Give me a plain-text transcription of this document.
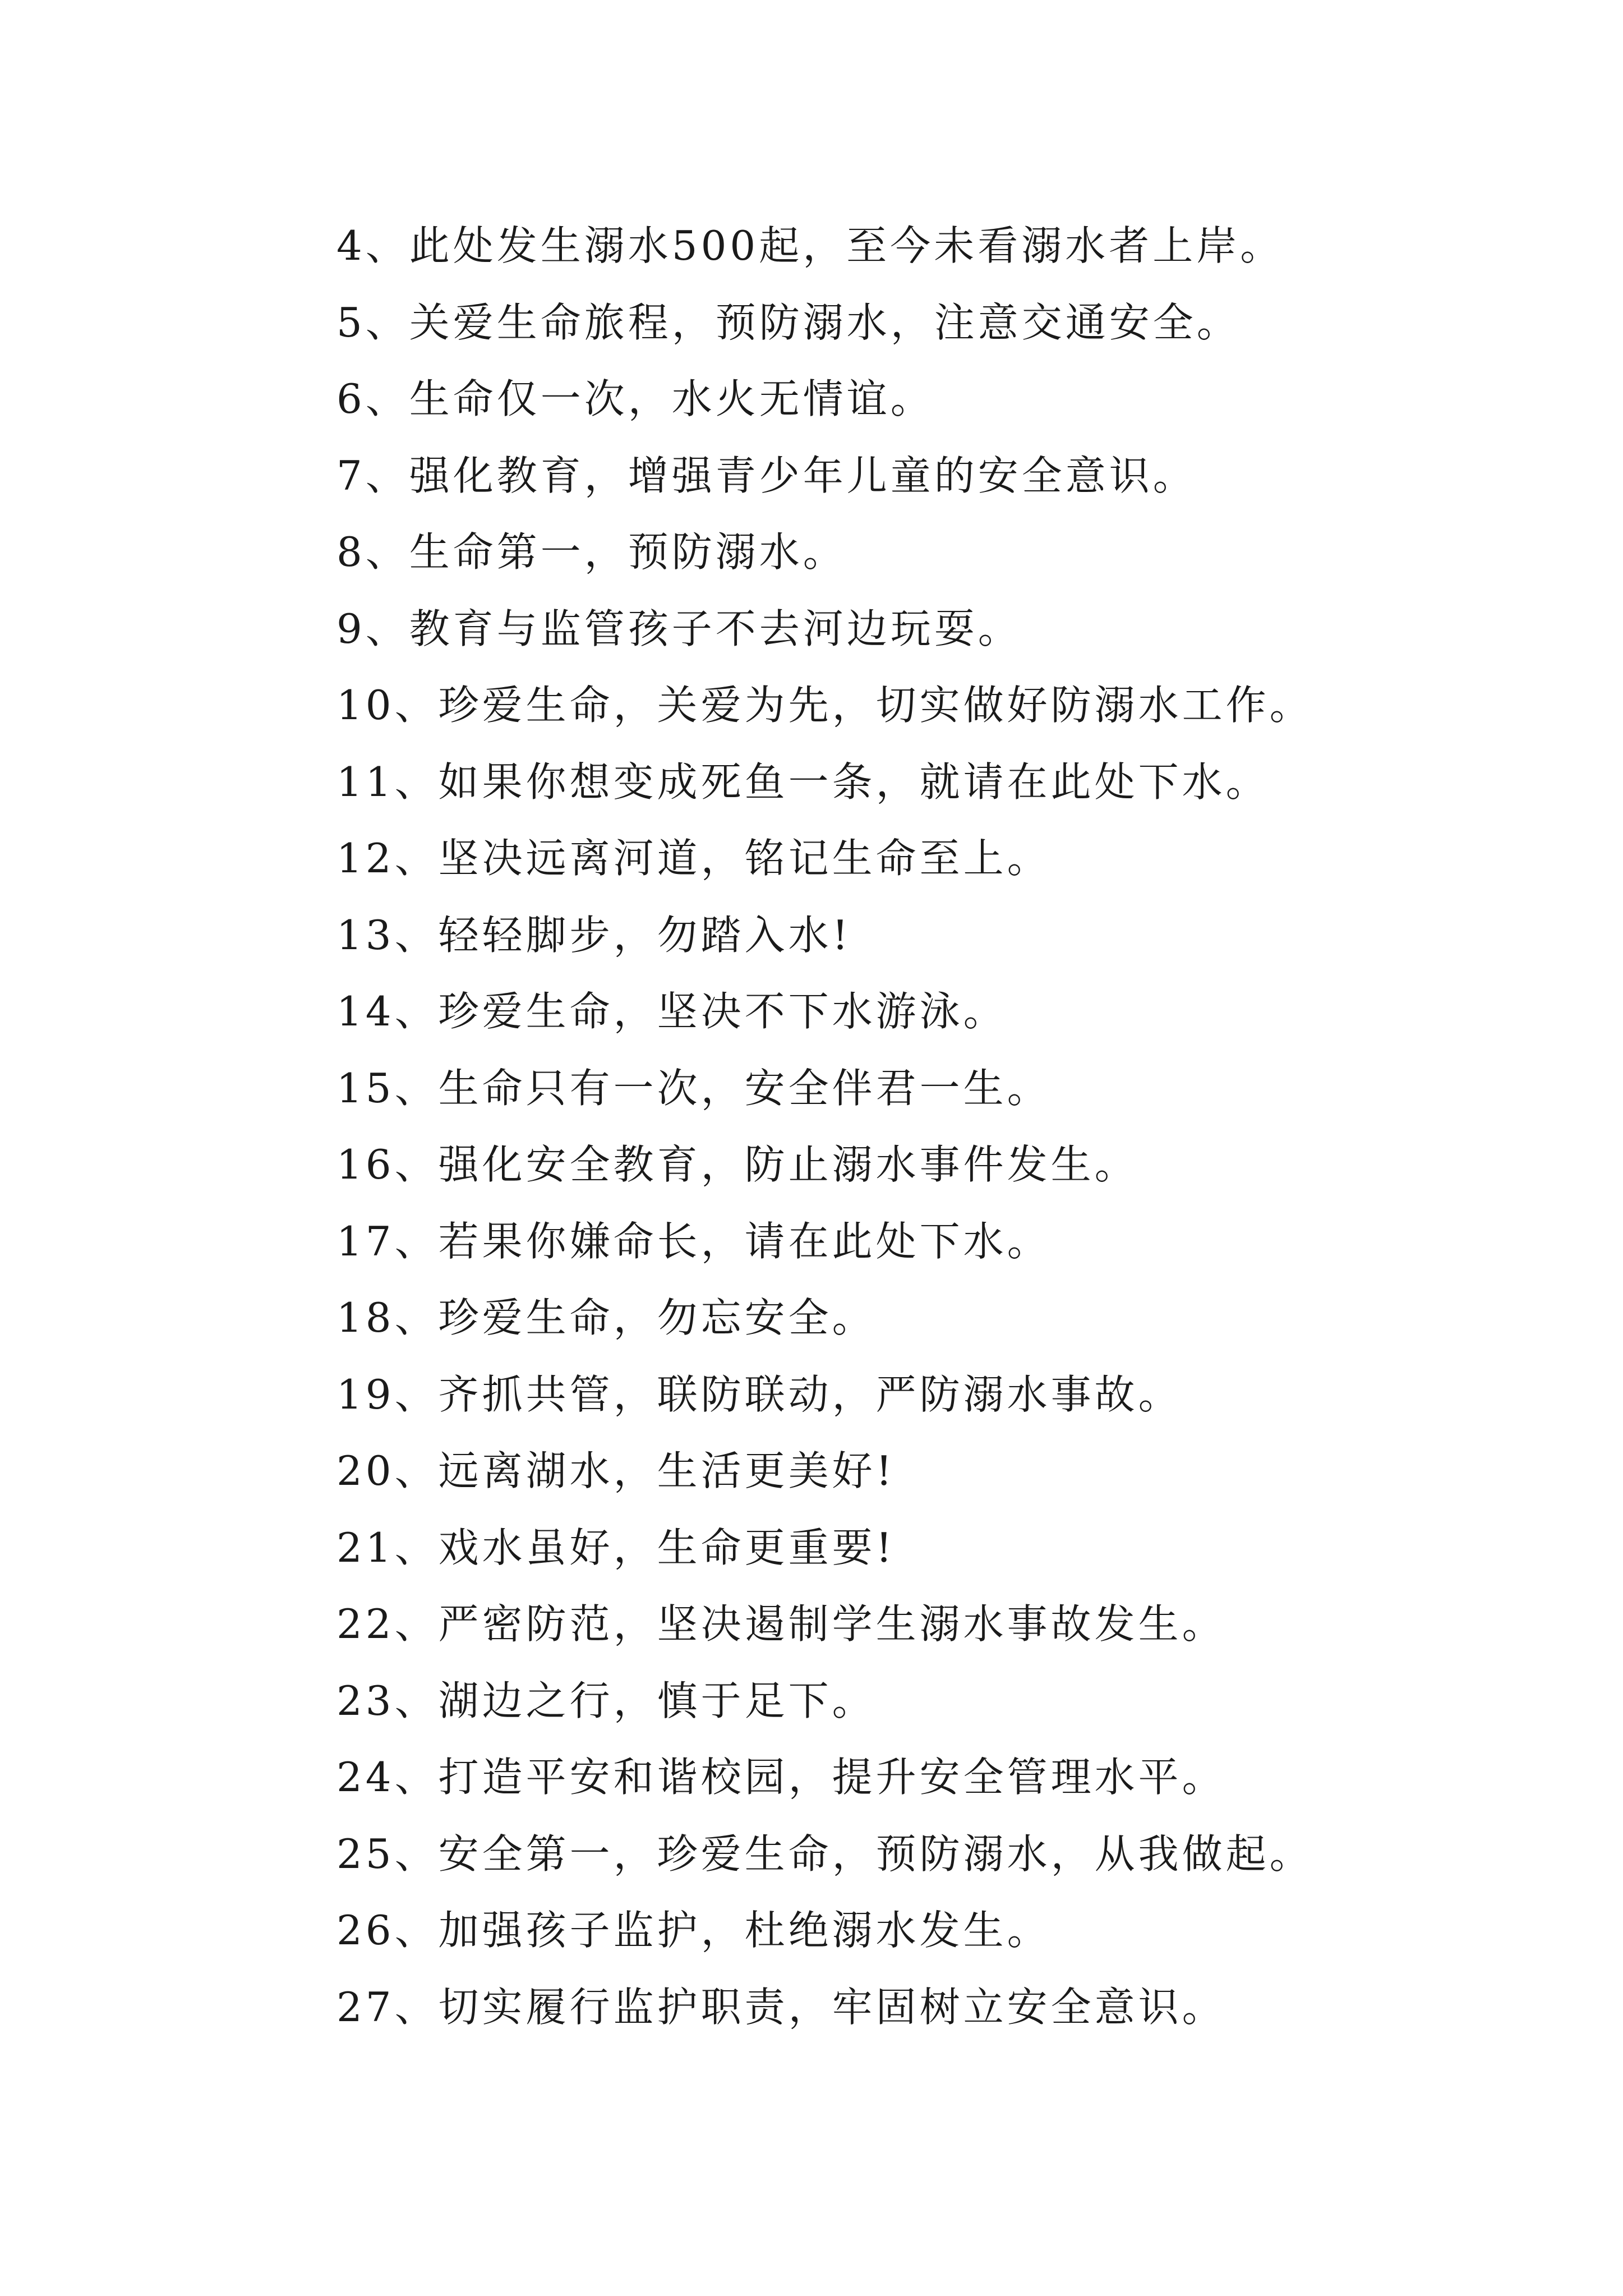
4、此处发生溺水500起，至今未看溺水者上岸。
5、关爱生命旅程，预防溺水，注意交通安全。
6、生命仅一次，水火无情谊。
7、强化教育，增强青少年儿童的安全意识。
8、生命第一，预防溺水。
9、教育与监管孩子不去河边玩耍。
10、珍爱生命，关爱为先，切实做好防溺水工作。
11、如果你想变成死鱼一条，就请在此处下水。
12、坚决远离河道，铭记生命至上。
13、轻轻脚步，勿踏入水!
14、珍爱生命，坚决不下水游泳。
15、生命只有一次，安全伴君一生。
16、强化安全教育，防止溺水事件发生。
17、若果你嫌命长，请在此处下水。
18、珍爱生命，勿忘安全。
19、齐抓共管，联防联动，严防溺水事故。
20、远离湖水，生活更美好!
21、戏水虽好，生命更重要!
22、严密防范，坚决遏制学生溺水事故发生。
23、湖边之行，慎于足下。
24、打造平安和谐校园，提升安全管理水平。
25、安全第一，珍爱生命，预防溺水，从我做起。
26、加强孩子监护，杜绝溺水发生。
27、切实履行监护职责，牢固树立安全意识。
